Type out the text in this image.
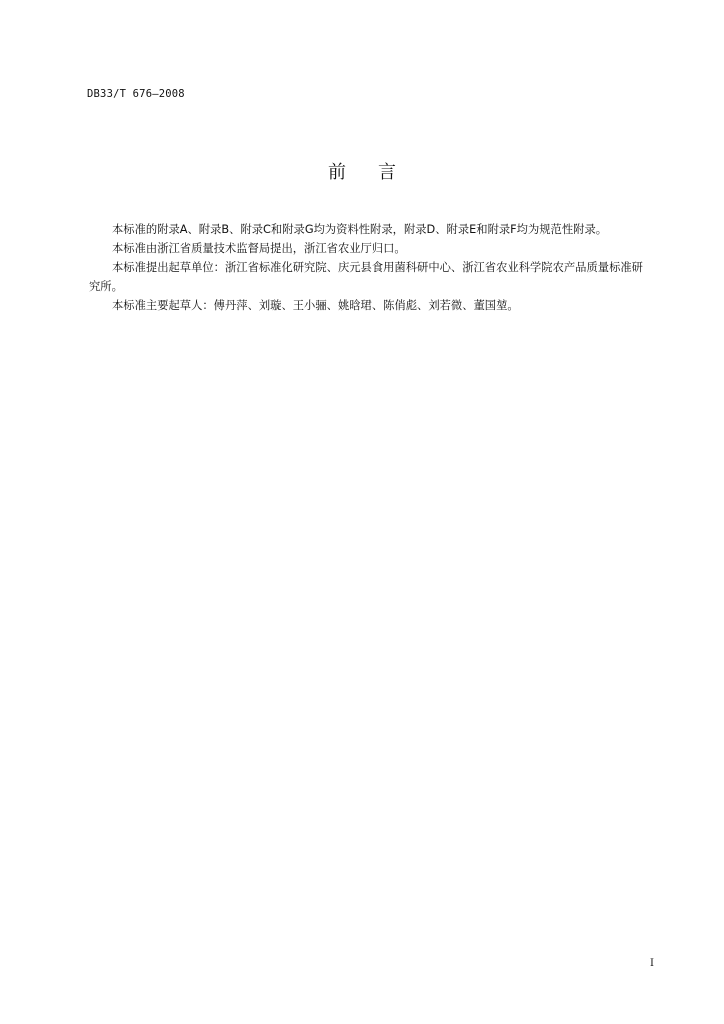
DB33/T 676—2008
前言

本标准的附录A、附录B、附录C和附录G均为资料性附录，附录D、附录E和附录F均为规范性附录。

本标准由浙江省质量技术监督局提出，浙江省农业厅归口。

本标准提出起草单位：浙江省标准化研究院、庆元县食用菌科研中心、浙江省农业科学院农产品质量标准研究所。

本标准主要起草人：傅丹萍、刘璇、王小骊、姚晗珺、陈俏彪、刘若微、董国堃。

I
